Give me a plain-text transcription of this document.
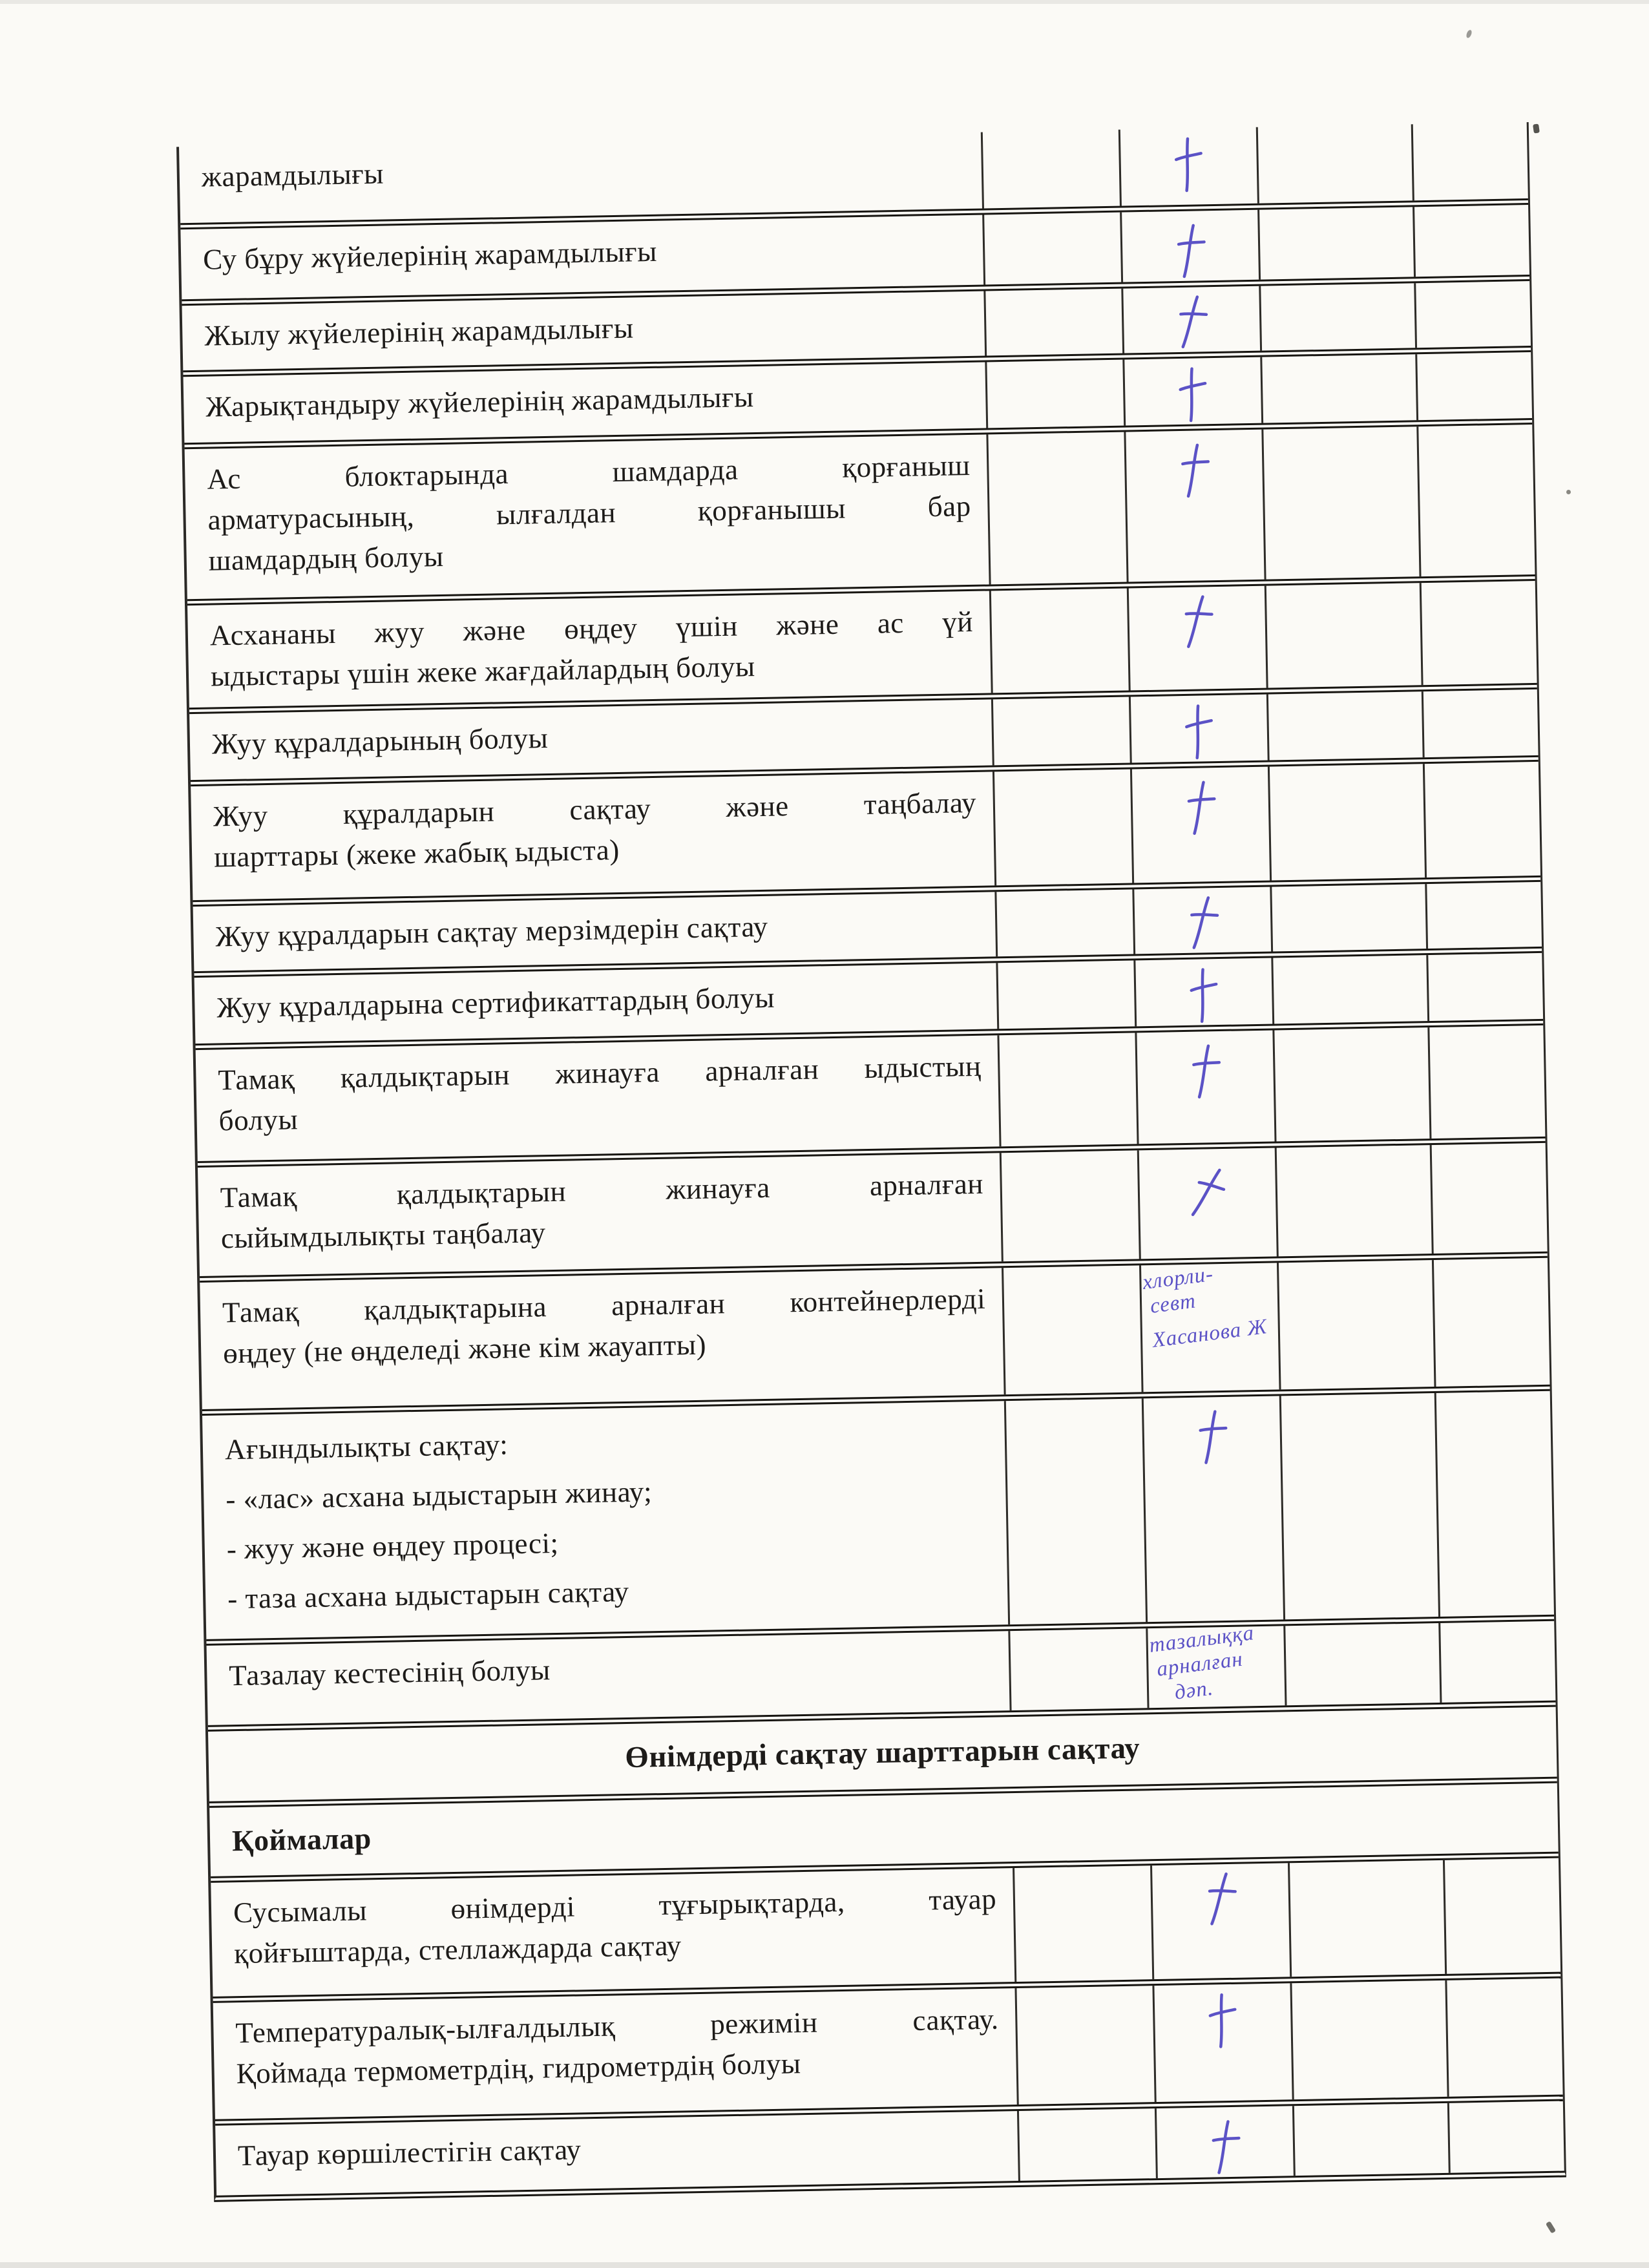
жарамдылығы
Су бұру жүйелерінің жарамдылығы
Жылу жүйелерінің жарамдылығы
Жарықтандыру жүйелерінің жарамдылығы
Ас блоктарында шамдарда қорғаныш
арматурасының, ылғалдан қорғанышы бар
шамдардың болуы
Асхананы жуу және өңдеу үшін және ас үй
ыдыстары үшін жеке жағдайлардың болуы
Жуу құралдарының болуы
Жуу құралдарын сақтау және таңбалау
шарттары (жеке жабық ыдыста)
Жуу құралдарын сақтау мерзімдерін сақтау
Жуу құралдарына сертификаттардың болуы
Тамақ қалдықтарын жинауға арналған ыдыстың
болуы
Тамақ қалдықтарын жинауға арналған
сыйымдылықты таңбалау
Тамақ қалдықтарына арналған контейнерлерді
өңдеу (не өңделеді және кім жауапты)
хлорли-
севт
Хасанова Ж
Ағындылықты сақтау:
- «лас» асхана ыдыстарын жинау;
- жуу және өңдеу процесі;
- таза асхана ыдыстарын сақтау
Тазалау кестесінің болуы
тазалыққа
арналған
дәп.
Өнімдерді сақтау шарттарын сақтау
Қоймалар
Сусымалы өнімдерді тұғырықтарда, тауар
қойғыштарда, стеллаждарда сақтау
Температуралық-ылғалдылық режимін сақтау.
Қоймада термометрдің, гидрометрдің болуы
Тауар көршілестігін сақтау
